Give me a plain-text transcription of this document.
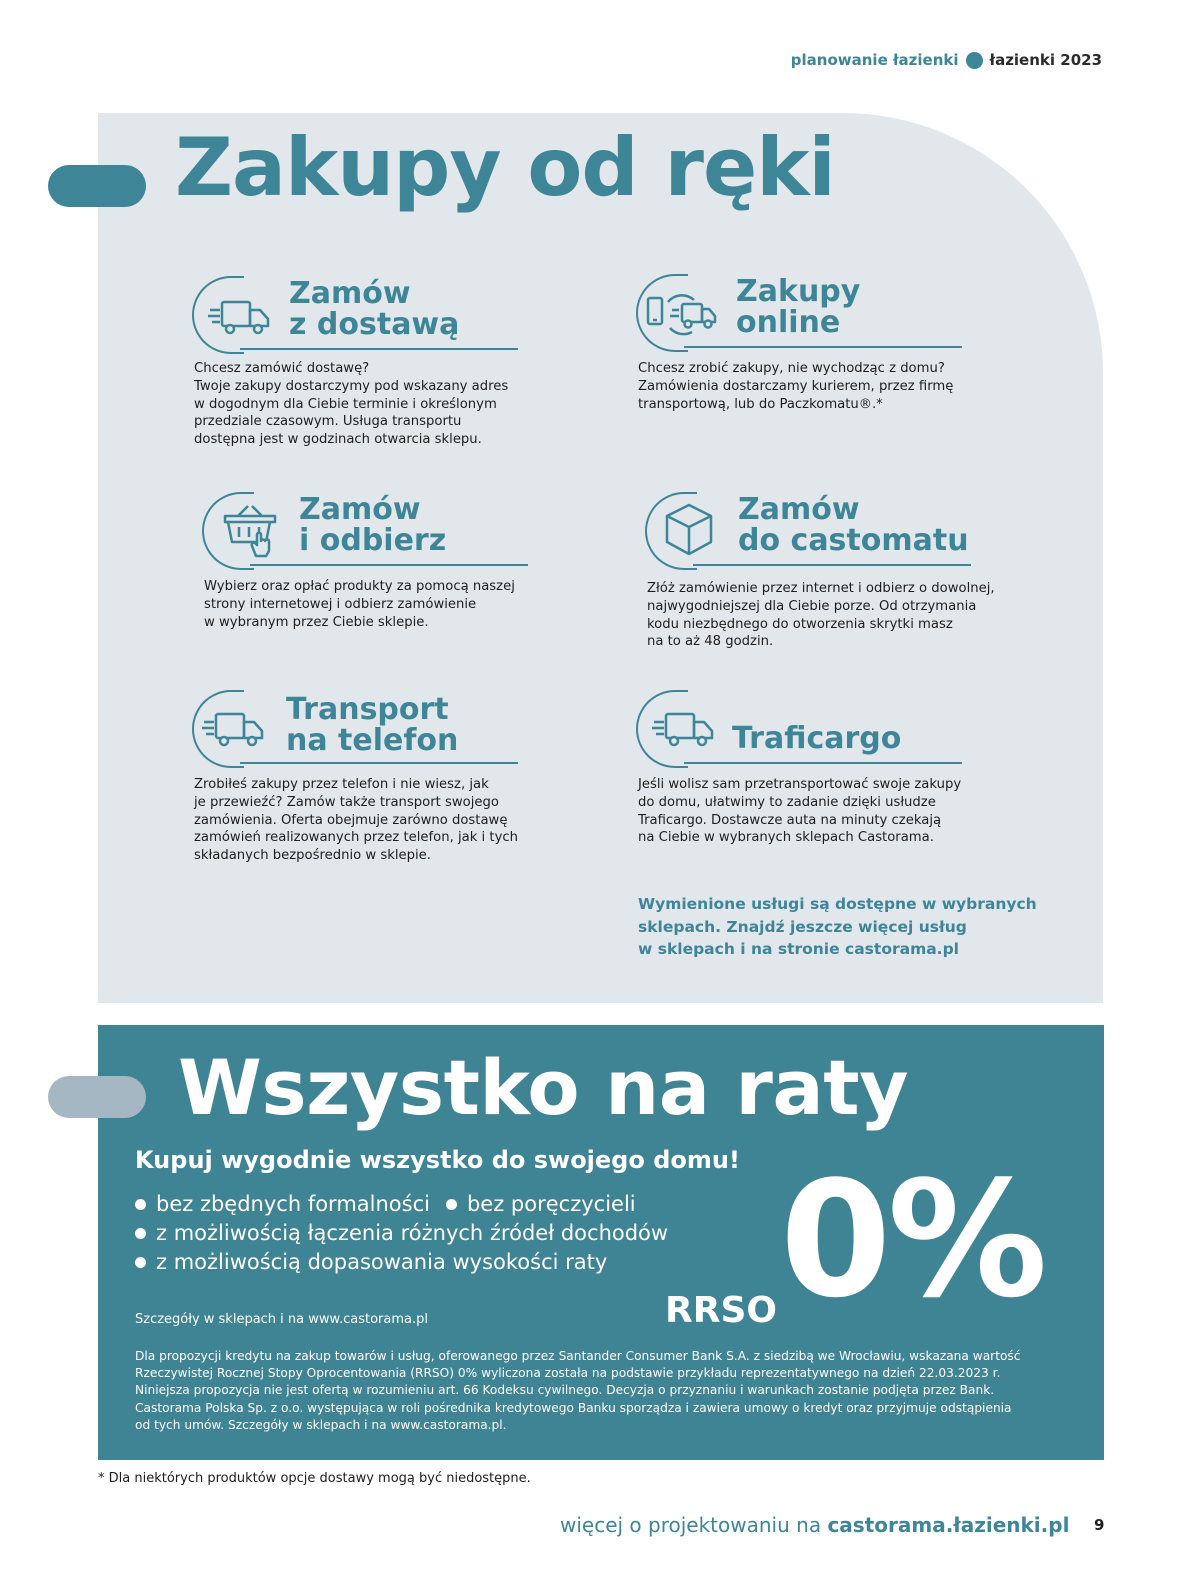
planowanie łazienki łazienki 2023
Zakupy od ręki
Zamów
z dostawą
Chcesz zamówić dostawę?
Twoje zakupy dostarczymy pod wskazany adres
w dogodnym dla Ciebie terminie i określonym
przedziale czasowym. Usługa transportu
dostępna jest w godzinach otwarcia sklepu.
Zakupy
online
Chcesz zrobić zakupy, nie wychodząc z domu?
Zamówienia dostarczamy kurierem, przez firmę
transportową, lub do Paczkomatu®.*
Zamów
i odbierz
Wybierz oraz opłać produkty za pomocą naszej
strony internetowej i odbierz zamówienie
w wybranym przez Ciebie sklepie.
Zamów
do castomatu
Złóż zamówienie przez internet i odbierz o dowolnej,
najwygodniejszej dla Ciebie porze. Od otrzymania
kodu niezbędnego do otworzenia skrytki masz
na to aż 48 godzin.
Transport
na telefon
Zrobiłeś zakupy przez telefon i nie wiesz, jak
je przewieźć? Zamów także transport swojego
zamówienia. Oferta obejmuje zarówno dostawę
zamówień realizowanych przez telefon, jak i tych
składanych bezpośrednio w sklepie.
Traficargo
Jeśli wolisz sam przetransportować swoje zakupy
do domu, ułatwimy to zadanie dzięki usłudze
Traficargo. Dostawcze auta na minuty czekają
na Ciebie w wybranych sklepach Castorama.
Wymienione usługi są dostępne w wybranych
sklepach. Znajdź jeszcze więcej usług
w sklepach i na stronie castorama.pl
Wszystko na raty
Kupuj wygodnie wszystko do swojego domu!
bez zbędnych formalności bez poręczycieli
z możliwością łączenia różnych źródeł dochodów
z możliwością dopasowania wysokości raty
Szczegóły w sklepach i na www.castorama.pl	RRSO 0%
Dla propozycji kredytu na zakup towarów i usług, oferowanego przez Santander Consumer Bank S.A. z siedzibą we Wrocławiu, wskazana wartość
Rzeczywistej Rocznej Stopy Oprocentowania (RRSO) 0% wyliczona została na podstawie przykładu reprezentatywnego na dzień 22.03.2023 r.
Niniejsza propozycja nie jest ofertą w rozumieniu art. 66 Kodeksu cywilnego. Decyzja o przyznaniu i warunkach zostanie podjęta przez Bank.
Castorama Polska Sp. z o.o. występująca w roli pośrednika kredytowego Banku sporządza i zawiera umowy o kredyt oraz przyjmuje odstąpienia
od tych umów. Szczegóły w sklepach i na www.castorama.pl.
* Dla niektórych produktów opcje dostawy mogą być niedostępne.
więcej o projektowaniu na castorama.łazienki.pl 9
